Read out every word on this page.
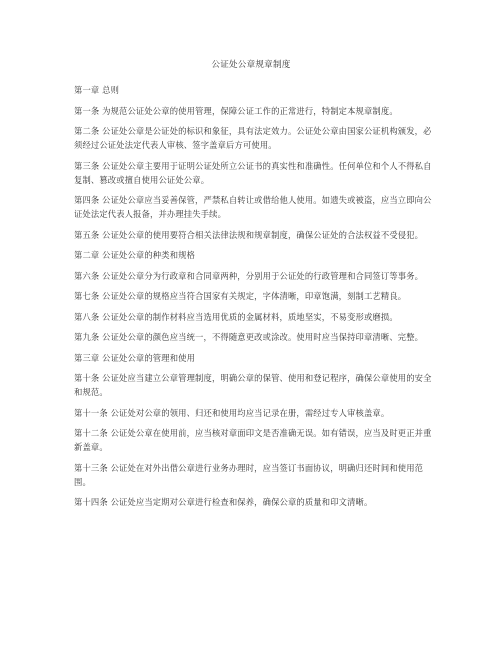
公证处公章规章制度

第一章 总则

第一条 为规范公证处公章的使用管理，保障公证工作的正常进行，特制定本规章制度。

第二条 公证处公章是公证处的标识和象征，具有法定效力。公证处公章由国家公证机构颁发，必须经过公证处法定代表人审核、签字盖章后方可使用。

第三条 公证处公章主要用于证明公证处所立公证书的真实性和准确性。任何单位和个人不得私自复制、篡改或擅自使用公证处公章。

第四条 公证处公章应当妥善保管，严禁私自转让或借给他人使用。如遗失或被盗，应当立即向公证处法定代表人报备，并办理挂失手续。

第五条 公证处公章的使用要符合相关法律法规和规章制度，确保公证处的合法权益不受侵犯。

第二章 公证处公章的种类和规格

第六条 公证处公章分为行政章和合同章两种，分别用于公证处的行政管理和合同签订等事务。

第七条 公证处公章的规格应当符合国家有关规定，字体清晰，印章饱满，刻制工艺精良。

第八条 公证处公章的制作材料应当选用优质的金属材料，质地坚实，不易变形或磨损。

第九条 公证处公章的颜色应当统一，不得随意更改或涂改。使用时应当保持印章清晰、完整。

第三章 公证处公章的管理和使用

第十条 公证处应当建立公章管理制度，明确公章的保管、使用和登记程序，确保公章使用的安全和规范。

第十一条 公证处对公章的领用、归还和使用均应当记录在册，需经过专人审核盖章。

第十二条 公证处公章在使用前，应当核对章面印文是否准确无误。如有错误，应当及时更正并重新盖章。

第十三条 公证处在对外出借公章进行业务办理时，应当签订书面协议，明确归还时间和使用范围。

第十四条 公证处应当定期对公章进行检查和保养，确保公章的质量和印文清晰。
